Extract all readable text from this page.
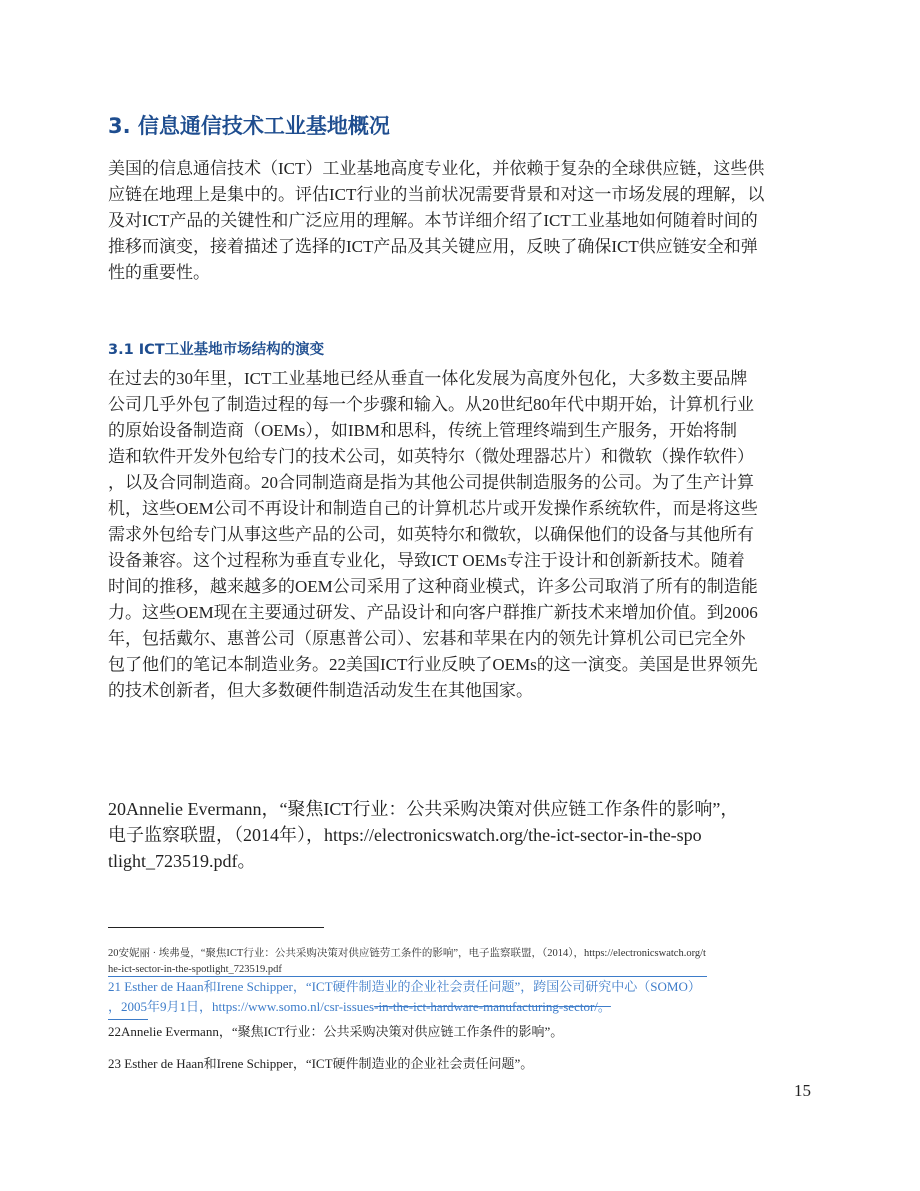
3. 信息通信技术工业基地概况
美国的信息通信技术（ICT）工业基地高度专业化，并依赖于复杂的全球供应链，这些供
应链在地理上是集中的。评估ICT行业的当前状况需要背景和对这一市场发展的理解，以
及对ICT产品的关键性和广泛应用的理解。本节详细介绍了ICT工业基地如何随着时间的
推移而演变，接着描述了选择的ICT产品及其关键应用，反映了确保ICT供应链安全和弹
性的重要性。
3.1 ICT工业基地市场结构的演变
在过去的30年里，ICT工业基地已经从垂直一体化发展为高度外包化，大多数主要品牌
公司几乎外包了制造过程的每一个步骤和输入。从20世纪80年代中期开始，计算机行业
的原始设备制造商（OEMs），如IBM和思科，传统上管理终端到生产服务，开始将制
造和软件开发外包给专门的技术公司，如英特尔（微处理器芯片）和微软（操作软件）
，以及合同制造商。20合同制造商是指为其他公司提供制造服务的公司。为了生产计算
机，这些OEM公司不再设计和制造自己的计算机芯片或开发操作系统软件，而是将这些
需求外包给专门从事这些产品的公司，如英特尔和微软，以确保他们的设备与其他所有
设备兼容。这个过程称为垂直专业化，导致ICT OEMs专注于设计和创新新技术。随着
时间的推移，越来越多的OEM公司采用了这种商业模式，许多公司取消了所有的制造能
力。这些OEM现在主要通过研发、产品设计和向客户群推广新技术来增加价值。到2006
年，包括戴尔、惠普公司（原惠普公司）、宏碁和苹果在内的领先计算机公司已完全外
包了他们的笔记本制造业务。22美国ICT行业反映了OEMs的这一演变。美国是世界领先
的技术创新者，但大多数硬件制造活动发生在其他国家。
20Annelie Evermann，“聚焦ICT行业：公共采购决策对供应链工作条件的影响”，
电子监察联盟，（2014年），https://electronicswatch.org/the-ict-sector-in-the-spo
tlight_723519.pdf。
20安妮丽 · 埃弗曼，“聚焦ICT行业：公共采购决策对供应链劳工条件的影响”，电子监察联盟，（2014），https://electronicswatch.org/t
he-ict-sector-in-the-spotlight_723519.pdf
21 Esther de Haan和Irene Schipper，“ICT硬件制造业的企业社会责任问题”，跨国公司研究中心（SOMO）
，2005年9月1日，https://www.somo.nl/csr-issues-in-the-ict-hardware-manufacturing-sector/。
22Annelie Evermann，“聚焦ICT行业：公共采购决策对供应链工作条件的影响”。
23 Esther de Haan和Irene Schipper，“ICT硬件制造业的企业社会责任问题”。
15
